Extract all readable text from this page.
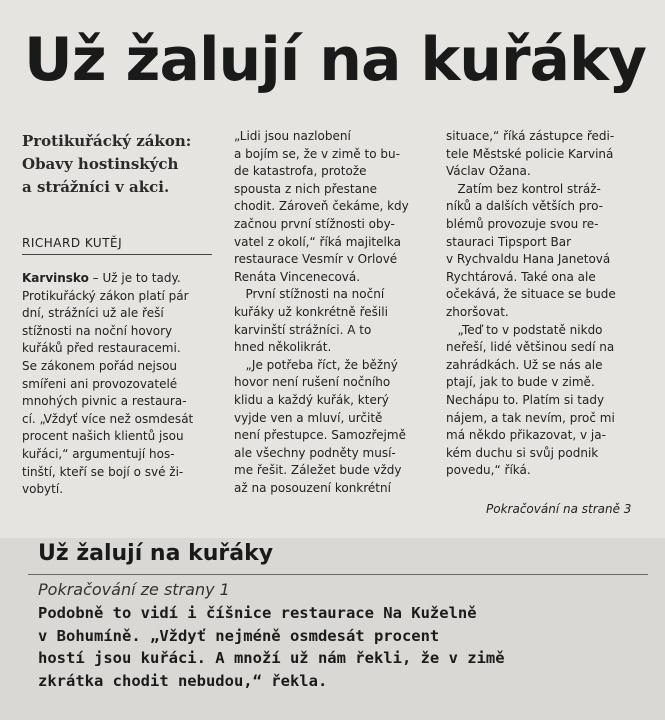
Už žalují na kuřáky

Protikuřácký zákon:
Obavy hostinských
a strážníci v akci.

RICHARD KUTĚJ

Karvinsko – Už je to tady.
Protikuřácký zákon platí pár
dní, strážníci už ale řeší
stížnosti na noční hovory
kuřáků před restauracemi.
Se zákonem pořád nejsou
smířeni ani provozovatelé
mnohých pivnic a restaura-
cí. „Vždyť více než osmdesát
procent našich klientů jsou
kuřáci,“ argumentují hos-
tinští, kteří se bojí o své ži-
vobytí.
„Lidi jsou nazlobení
a bojím se, že v zimě to bu-
de katastrofa, protože
spousta z nich přestane
chodit. Zároveň čekáme, kdy
začnou první stížnosti oby-
vatel z okolí,“ říká majitelka
restaurace Vesmír v Orlové
Renáta Vincenecová.
První stížnosti na noční
kuřáky už konkrétně řešili
karvinští strážníci. A to
hned několikrát.
„Je potřeba říct, že běžný
hovor není rušení nočního
klidu a každý kuřák, který
vyjde ven a mluví, určitě
není přestupce. Samozřejmě
ale všechny podněty musí-
me řešit. Záležet bude vždy
až na posouzení konkrétní
situace,“ říká zástupce ředi-
tele Městské policie Karviná
Václav Ožana.
Zatím bez kontrol stráž-
níků a dalších větších pro-
blémů provozuje svou re-
stauraci Tipsport Bar
v Rychvaldu Hana Janetová
Rychtárová. Také ona ale
očekává, že situace se bude
zhoršovat.
„Teď to v podstatě nikdo
neřeší, lidé většinou sedí na
zahrádkách. Už se nás ale
ptají, jak to bude v zimě.
Nechápu to. Platím si tady
nájem, a tak nevím, proč mi
má někdo přikazovat, v ja-
kém duchu si svůj podnik
povedu,“ říká.
Pokračování na straně 3
Už žalují na kuřáky
Pokračování ze strany 1

Podobně to vidí i číšnice restaurace Na Kuželně
v Bohumíně. „Vždyť nejméně osmdesát procent
hostí jsou kuřáci. A množí už nám řekli, že v zimě
zkrátka chodit nebudou,“ řekla.
